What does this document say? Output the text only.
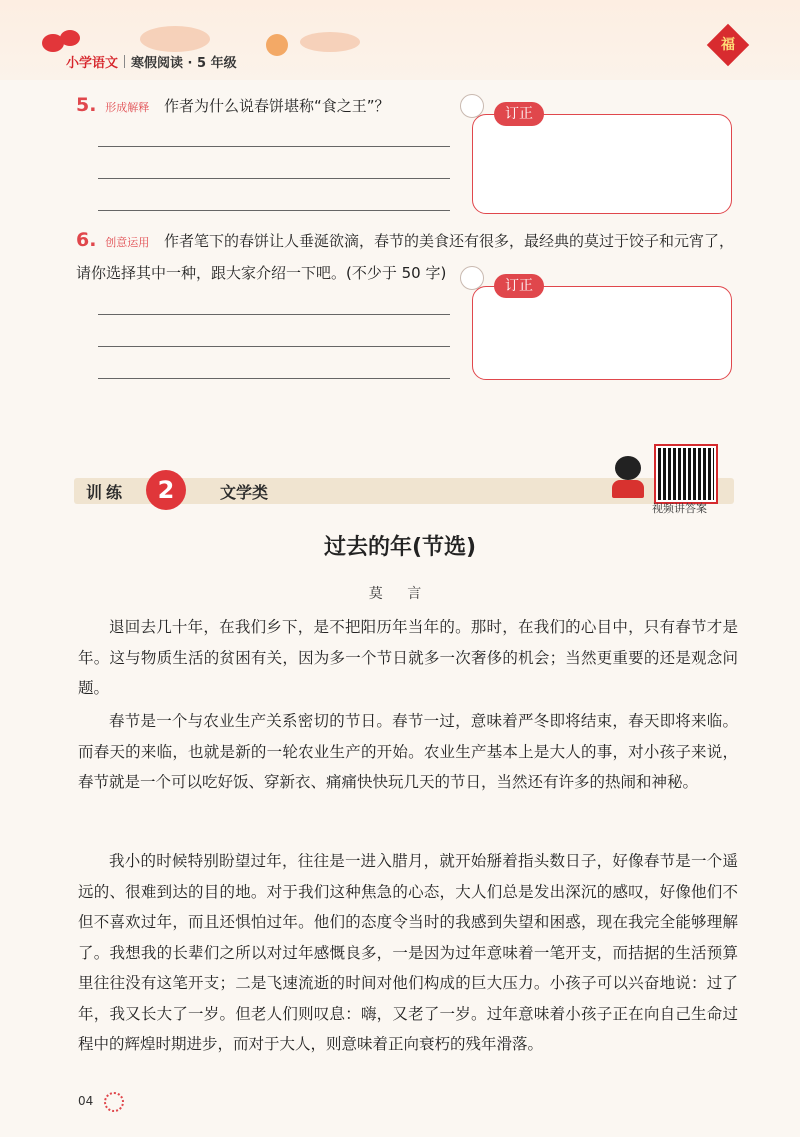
小学语文 寒假阅读 · 5 年级
福
5. 形成解释 作者为什么说春饼堪称“食之王”？	订正
6. 创意运用 作者笔下的春饼让人垂涎欲滴，春节的美食还有很多，最经典的莫过于饺子和元宵了，请你选择其中一种，跟大家介绍一下吧。(不少于 50 字)
订正
训练	2	文学类
视频讲答案
过去的年(节选)
莫 言
退回去几十年，在我们乡下，是不把阳历年当年的。那时，在我们的心目中，只有春节才是年。这与物质生活的贫困有关，因为多一个节日就多一次奢侈的机会；当然更重要的还是观念问题。
春节是一个与农业生产关系密切的节日。春节一过，意味着严冬即将结束，春天即将来临。而春天的来临，也就是新的一轮农业生产的开始。农业生产基本上是大人的事，对小孩子来说，春节就是一个可以吃好饭、穿新衣、痛痛快快玩几天的节日，当然还有许多的热闹和神秘。
我小的时候特别盼望过年，往往是一进入腊月，就开始掰着指头数日子，好像春节是一个遥远的、很难到达的目的地。对于我们这种焦急的心态，大人们总是发出深沉的感叹，好像他们不但不喜欢过年，而且还惧怕过年。他们的态度令当时的我感到失望和困惑，现在我完全能够理解了。我想我的长辈们之所以对过年感慨良多，一是因为过年意味着一笔开支，而拮据的生活预算里往往没有这笔开支；二是飞速流逝的时间对他们构成的巨大压力。小孩子可以兴奋地说：过了年，我又长大了一岁。但老人们则叹息：嗨，又老了一岁。过年意味着小孩子正在向自己生命过程中的辉煌时期进步，而对于大人，则意味着正向衰朽的残年滑落。
04
